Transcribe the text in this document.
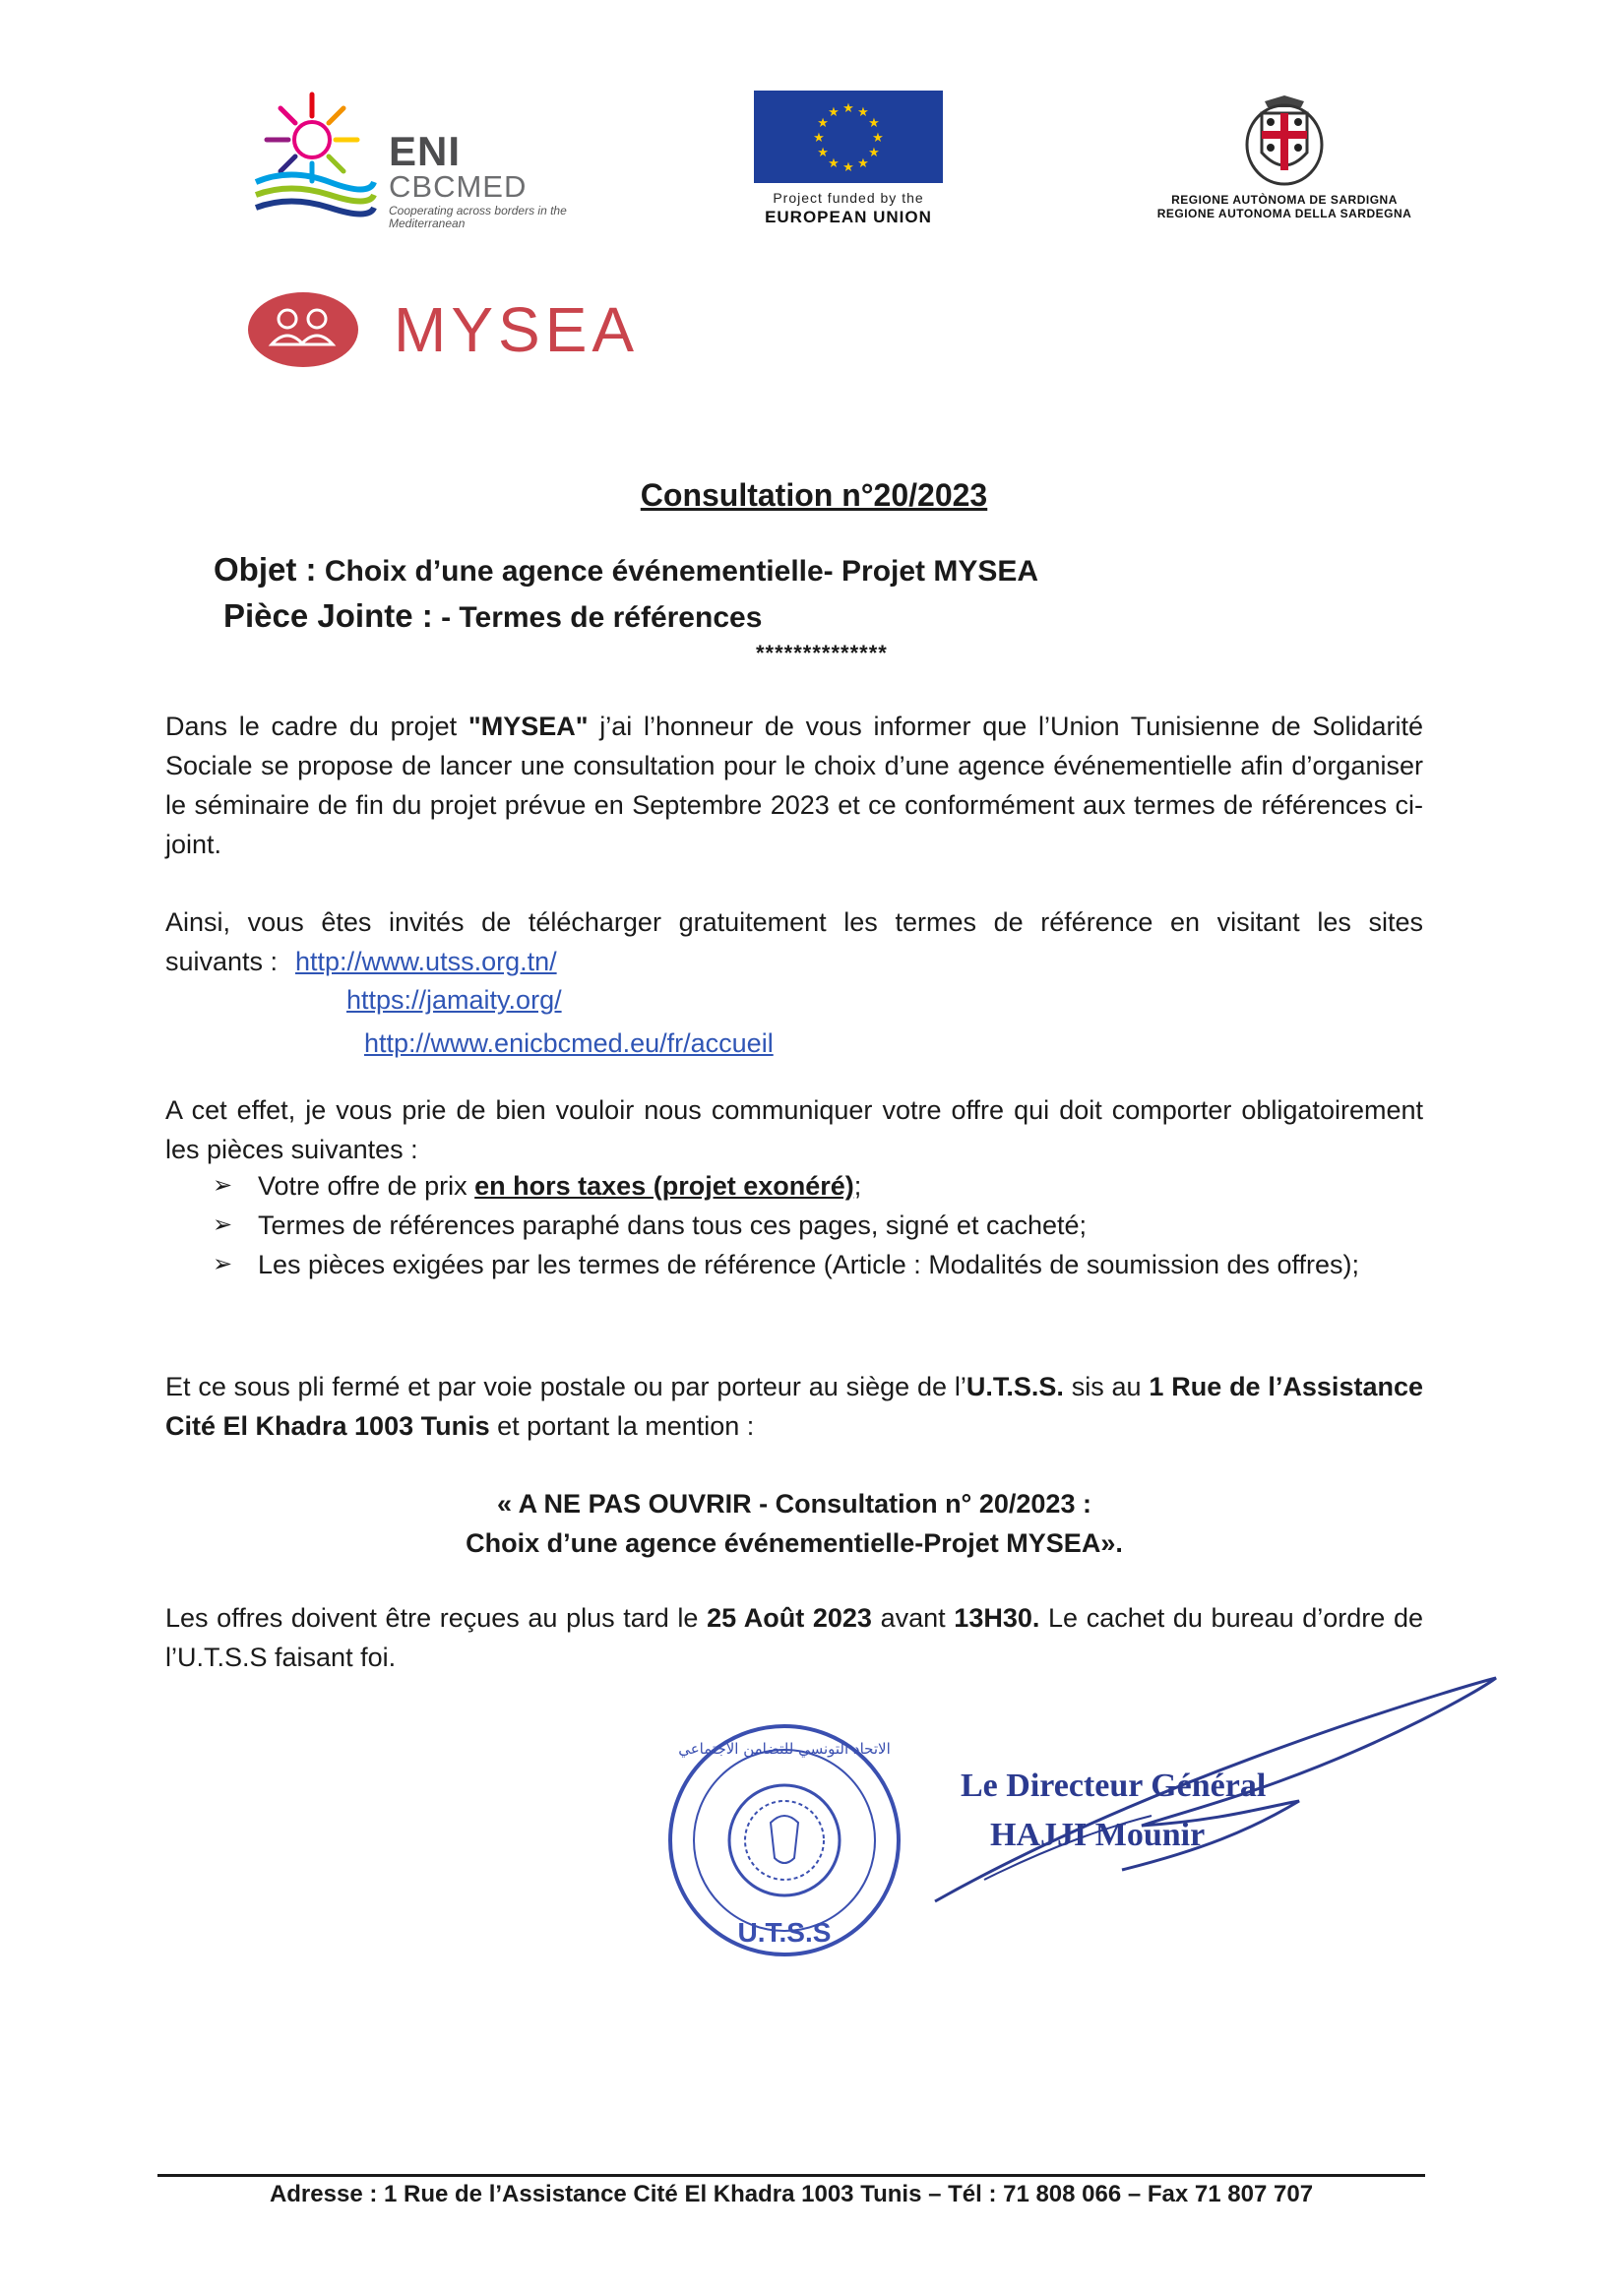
ENI
CBCMED
Cooperating across borders in the Mediterranean
★
★
★
★
★
★
★
★
★ ★ ★
★
Project funded by the
EUROPEAN UNION
REGIONE AUTÒNOMA DE SARDIGNA
REGIONE AUTONOMA DELLA SARDEGNA
MYSEA
Consultation n°20/2023
Objet : Choix d’une agence événementielle- Projet MYSEA
Pièce Jointe : - Termes de références
**************
Dans le cadre du projet "MYSEA" j’ai l’honneur de vous informer que l’Union Tunisienne de Solidarité Sociale se propose de lancer une consultation pour le choix d’une agence événementielle afin d’organiser le séminaire de fin du projet prévue en Septembre 2023 et ce conformément aux termes de références ci-joint.
Ainsi, vous êtes invités de télécharger gratuitement les termes de référence en visitant les sites
suivants : http://www.utss.org.tn/
https://jamaity.org/
http://www.enicbcmed.eu/fr/accueil
A cet effet, je vous prie de bien vouloir nous communiquer votre offre qui doit comporter obligatoirement les pièces suivantes :
➢ Votre offre de prix en hors taxes (projet exonéré);
➢ Termes de références paraphé dans tous ces pages, signé et cacheté;
➢ Les pièces exigées par les termes de référence (Article : Modalités de soumission des offres);
Et ce sous pli fermé et par voie postale ou par porteur au siège de l’U.T.S.S. sis au 1 Rue de l’Assistance Cité El Khadra 1003 Tunis et portant la mention :
« A NE PAS OUVRIR - Consultation n° 20/2023 :
Choix d’une agence événementielle-Projet MYSEA».
Les offres doivent être reçues au plus tard le 25 Août 2023 avant 13H30. Le cachet du bureau d’ordre de l’U.T.S.S faisant foi.
U.T.S.S
الاتحاد التونسي للتضامن الاجتماعي
Le Directeur Général
HAJJI Mounir
Adresse : 1 Rue de l’Assistance Cité El Khadra 1003 Tunis – Tél : 71 808 066 – Fax 71 807 707
